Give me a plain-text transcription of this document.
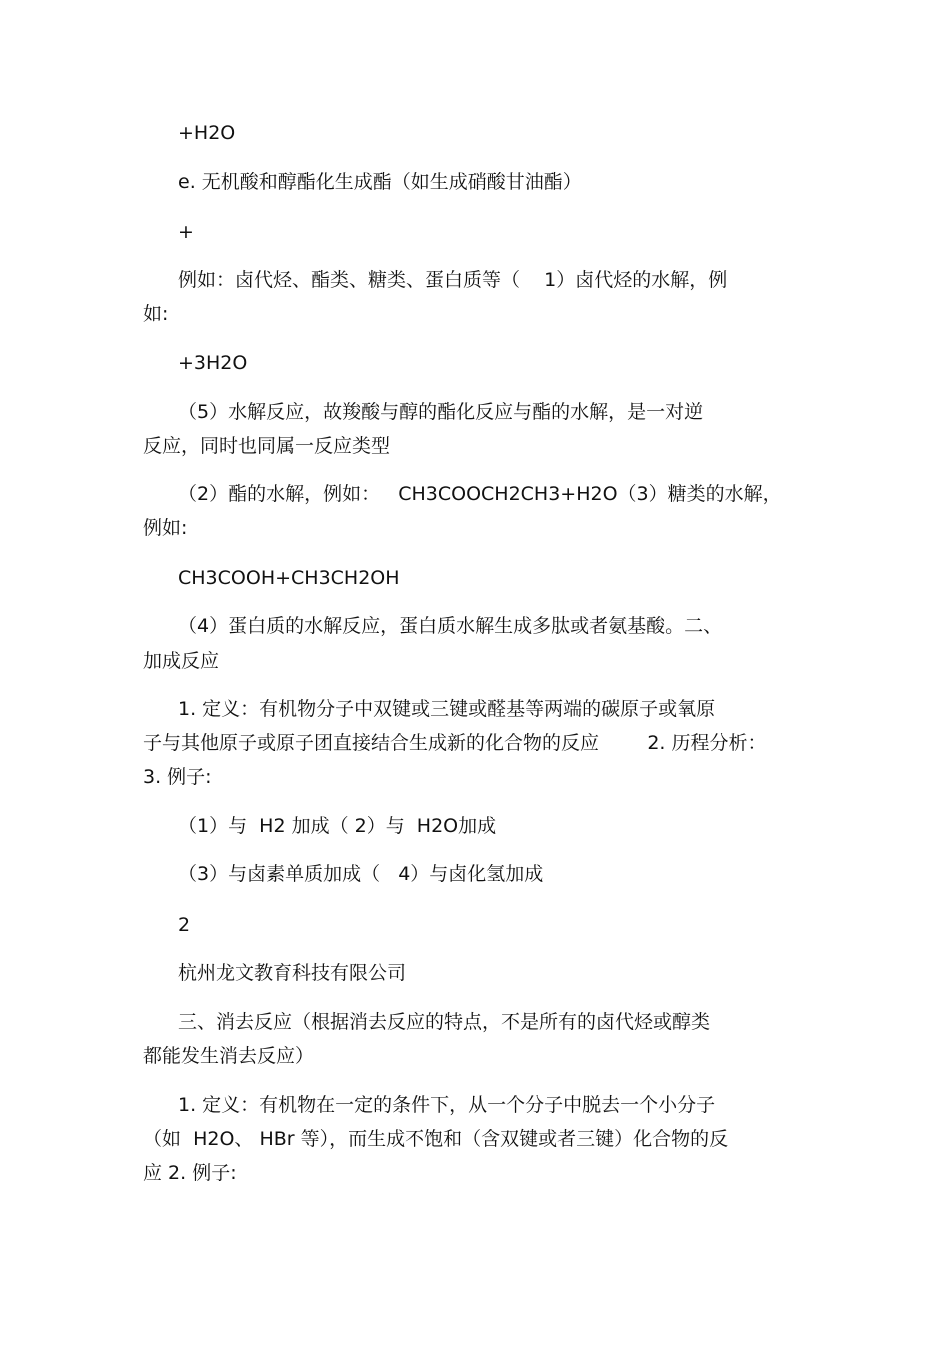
+H2O
e. 无机酸和醇酯化生成酯（如生成硝酸甘油酯）
+
例如：卤代烃、酯类、糖类、蛋白质等（    1）卤代烃的水解，例
如:
+3H2O
（5）水解反应，故羧酸与醇的酯化反应与酯的水解，是一对逆
反应，同时也同属一反应类型
（2）酯的水解，例如：   CH3COOCH2CH3+H2O（3）糖类的水解，
例如:
CH3COOH+CH3CH2OH
（4）蛋白质的水解反应，蛋白质水解生成多肽或者氨基酸。二、
加成反应
1. 定义：有机物分子中双键或三键或醛基等两端的碳原子或氧原
子与其他原子或原子团直接结合生成新的化合物的反应        2. 历程分析：
3. 例子:
（1）与  H2 加成（ 2）与  H2O加成
（3）与卤素单质加成（   4）与卤化氢加成
2
杭州龙文教育科技有限公司
三、消去反应（根据消去反应的特点，不是所有的卤代烃或醇类
都能发生消去反应）
1. 定义：有机物在一定的条件下，从一个分子中脱去一个小分子
（如  H2O、 HBr 等），而生成不饱和（含双键或者三键）化合物的反
应 2. 例子:
